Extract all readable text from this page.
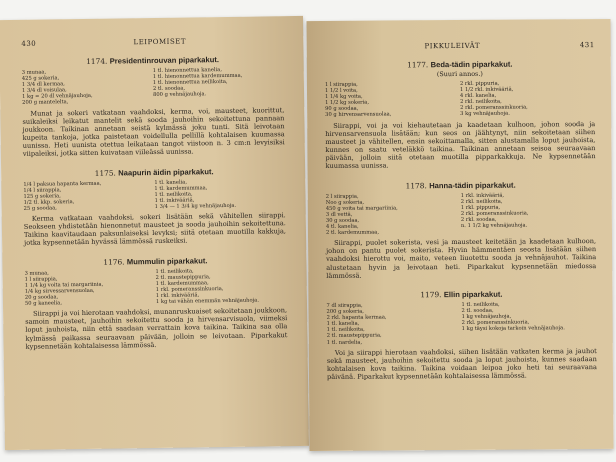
430	LEIPOMISET
1174. Presidentinrouvan piparkakut.
3 munaa,
425 g sokeria,
1 3/4 dl kermaa,
1 3/4 dl voisulaa,
1 kg = 20 dl vehnäjauhoja,
200 g mantelelta,
1 tl. hienonnettua kanelia,
1 tl. hienonnettua kardemummaa,
1 tl. hienonnettua neilikoita,
2 tl. soodaa,
800 g vehnäjauhoja.

Munat ja sokeri vatkataan vaahdoksi, kerma, voi, mausteet, kuorittut, suikaleiksi leikatut mantelit sekä sooda jauhoihin sekoitettuna pannaan joukkoon. Taikinan annetaan seistä kylmässä joku tunti. Sitä leivotaan kupeita tankoja, jotka paistetaan voidellulla pellillä kohtalaisen kuumassa uunissa. Heti uunista otettua leikataan tangot viistoon n. 3 cm:n levyisiksi viipaleiksi, jotka sitten kuivataan viileässä uunissa.

1175. Naapurin äidin piparkakut.
1/4 l paksua hapanta kermaa,
1/4 l siirappia,
125 g sokeria,
1/2 tl. kkp. sokeria,
25 g soodaa,
1 tl. kanelia,
1 tl. kardemummaa,
1 tl. neilikoita,
1 tl. inkivääriä,
1 3/4 — 1 3/4 kg vehnäjauhoja.

Kerma vatkataan vaahdoksi, sokeri lisätään sekä vähitellen siirappi. Seokseen yhdistetään hienonnetut mausteet ja sooda jauhoihin sekoitettuna. Taikina kaavitaudaan paksunlaiseksi levyksi; siitä otetaan muotilla kakkuja, jotka kypsennetään hyvässä lämmössä ruskeiksi.

1176. Mummulin piparkakut.
3 munaa,
1 l siirappia,
1 1/4 kg voita tai margariinia,
1/4 kg sirvessarvensuolaa,
20 g soodaa,
50 g kaneelia,
1 tl. neilikoita,
2 tl. maustepippuria,
1 tl. kardemummaa,
1 rkl. pomeranssinkuoria,
1 rkl. inkivääriä,
1 kg tai vähän enemmän vehnäjauhoja.

Siirappi ja voi hierotaan vaahdoksi, munanruskuaiset sekoitetaan joukkoon, samoin mausteet, jauhoihin sekoitettu sooda ja hirvensarvisuola, viimeksi loput jauhoista, niin että saadaan verrattain kova taikina. Taikina saa olla kylmässä paikassa seuraavaan päivään, jolloin se leivotaan. Piparkakut kypsennetään kohtalaisessa lämmössä.

PIKKULEIVÄT	431
1177. Beda-tädin piparkakut.
(Suuri annos.)
1 l siirappia,
1 1/2 l voita,
1 1/4 kg voita,
1 1/2 kg sokeria,
90 g soodaa,
30 g hirvensarvensuolaa,
2 rkl. pippuria,
1 1/2 rkl. inkivääriä,
4 rkl. kanelia,
2 rkl. neilikoita,
2 rkl. pomeranssinkuoria,
3 kg vehnäjauhoja.

Siirappi, voi ja voi kiehautetaan ja kaadetaan kulhoon, johon sooda ja hirvensarvensuola lisätään; kun seos on jäähtynyt, niin sekoitetaan siihen mausteet ja vähitellen, ensin sekoittamalla, sitten alustamalla loput jauhoista, kunnes on saatu veteläkkö taikina. Taikinan annetaan seisoa seuraavaan päivään, jolloin siitä otetaan muotilla pipparkakkuja. Ne kypsennetään kuumassa uunissa.

1178. Hanna-tädin piparkakut.
2 l siirappia,
Noo g sokeria,
450 g voita tai margariinia,
3 dl vettä,
30 g soodaa,
4 tl. kanelia,
2 tl. kardemummaa,
1 rkl. inkivääriä,
2 rkl. neilikoita,
1 rkl. pippuria,
2 rkl. pomeranssinkuoria,
2 rkl. soodaa,
n. 1 1/2 kg vehnäjauhoja.

Siirappi, puolet sokerista, vesi ja mausteet keitetään ja kaadetaan kulhoon, johon on pantu puolet sokerista. Hyvin hämmentäen seosta lisätään siihen vaahdoksi hierottu voi, maito, veteen liuotettu sooda ja vehnäjauhot. Taikina alustetaan hyvin ja leivotaan heti. Piparkakut kypsennetään miedossa lämmössä.

1179. Ellin piparkakut.
7 dl siirappia,
200 g sokeria,
2 rkl. hapanta kermaa,
1 tl. kanelia,
1 tl. neilikoita,
2 tl. maustepippuria,
1 tl. nardelia,
1 tl. neilikoita,
2 tl. soodaa,
1 kg vehnäjauhoja,
2 rkl. pomeranssinkuoria,
1 kg täysi kokoja tarkoin vehnäjauhoja.

Voi ja siirappi hierotaan vaahdoksi, siihen lisätään vatkaten kerma ja jauhot sekä mausteet, jauhoihin sekoitettu sooda ja loput jauhoista, kunnes saadaan kohtalaisen kova taikina. Taikina voidaan leipoa joko heti tai seuraavana päivänä. Piparkakut kypsennetään kohtalaisessa lämmössä.
